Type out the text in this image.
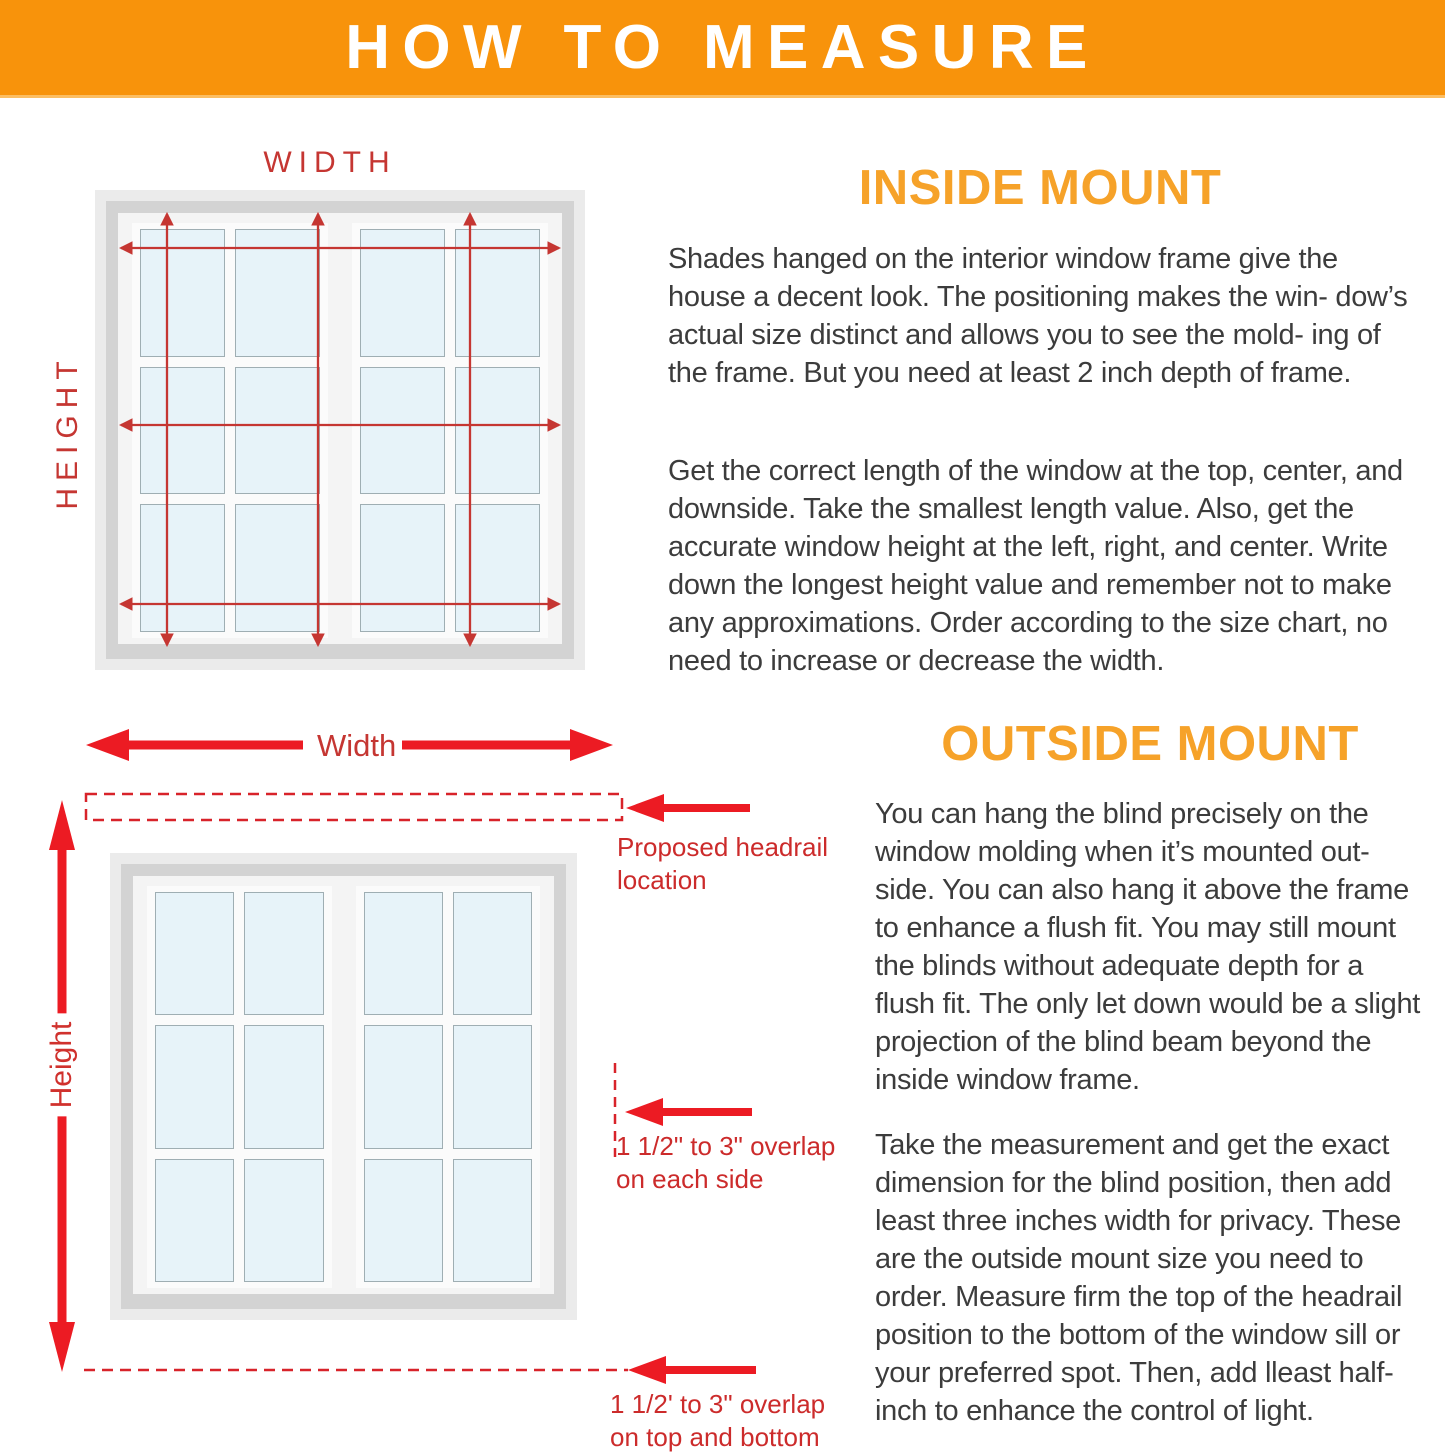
HOW TO MEASURE
WIDTH
HEIGHT
Width
Height
Proposed headrail location
1 1/2" to 3" overlap on each side
1 1/2' to 3" overlap on top and bottom
INSIDE MOUNT

Shades hanged on the interior window frame give the house a decent look. The positioning makes the win- dow’s actual size distinct and allows you to see the mold- ing of the frame. But you need at least 2 inch depth of frame.

Get the correct length of the window at the top, center, and downside. Take the smallest length value. Also, get the accurate window height at the left, right, and center. Write down the longest height value and remember not to make any approximations. Order according to the size chart, no need to increase or decrease the width.

OUTSIDE MOUNT

You can hang the blind precisely on the window molding when it’s mounted out- side. You can also hang it above the frame to enhance a flush fit. You may still mount the blinds without adequate depth for a flush fit. The only let down would be a slight projection of the blind beam beyond the inside window frame.

Take the measurement and get the exact dimension for the blind position, then add least three inches width for privacy. These are the outside mount size you need to order. Measure firm the top of the headrail position to the bottom of the window sill or your preferred spot. Then, add lleast half-inch to enhance the control of light.
